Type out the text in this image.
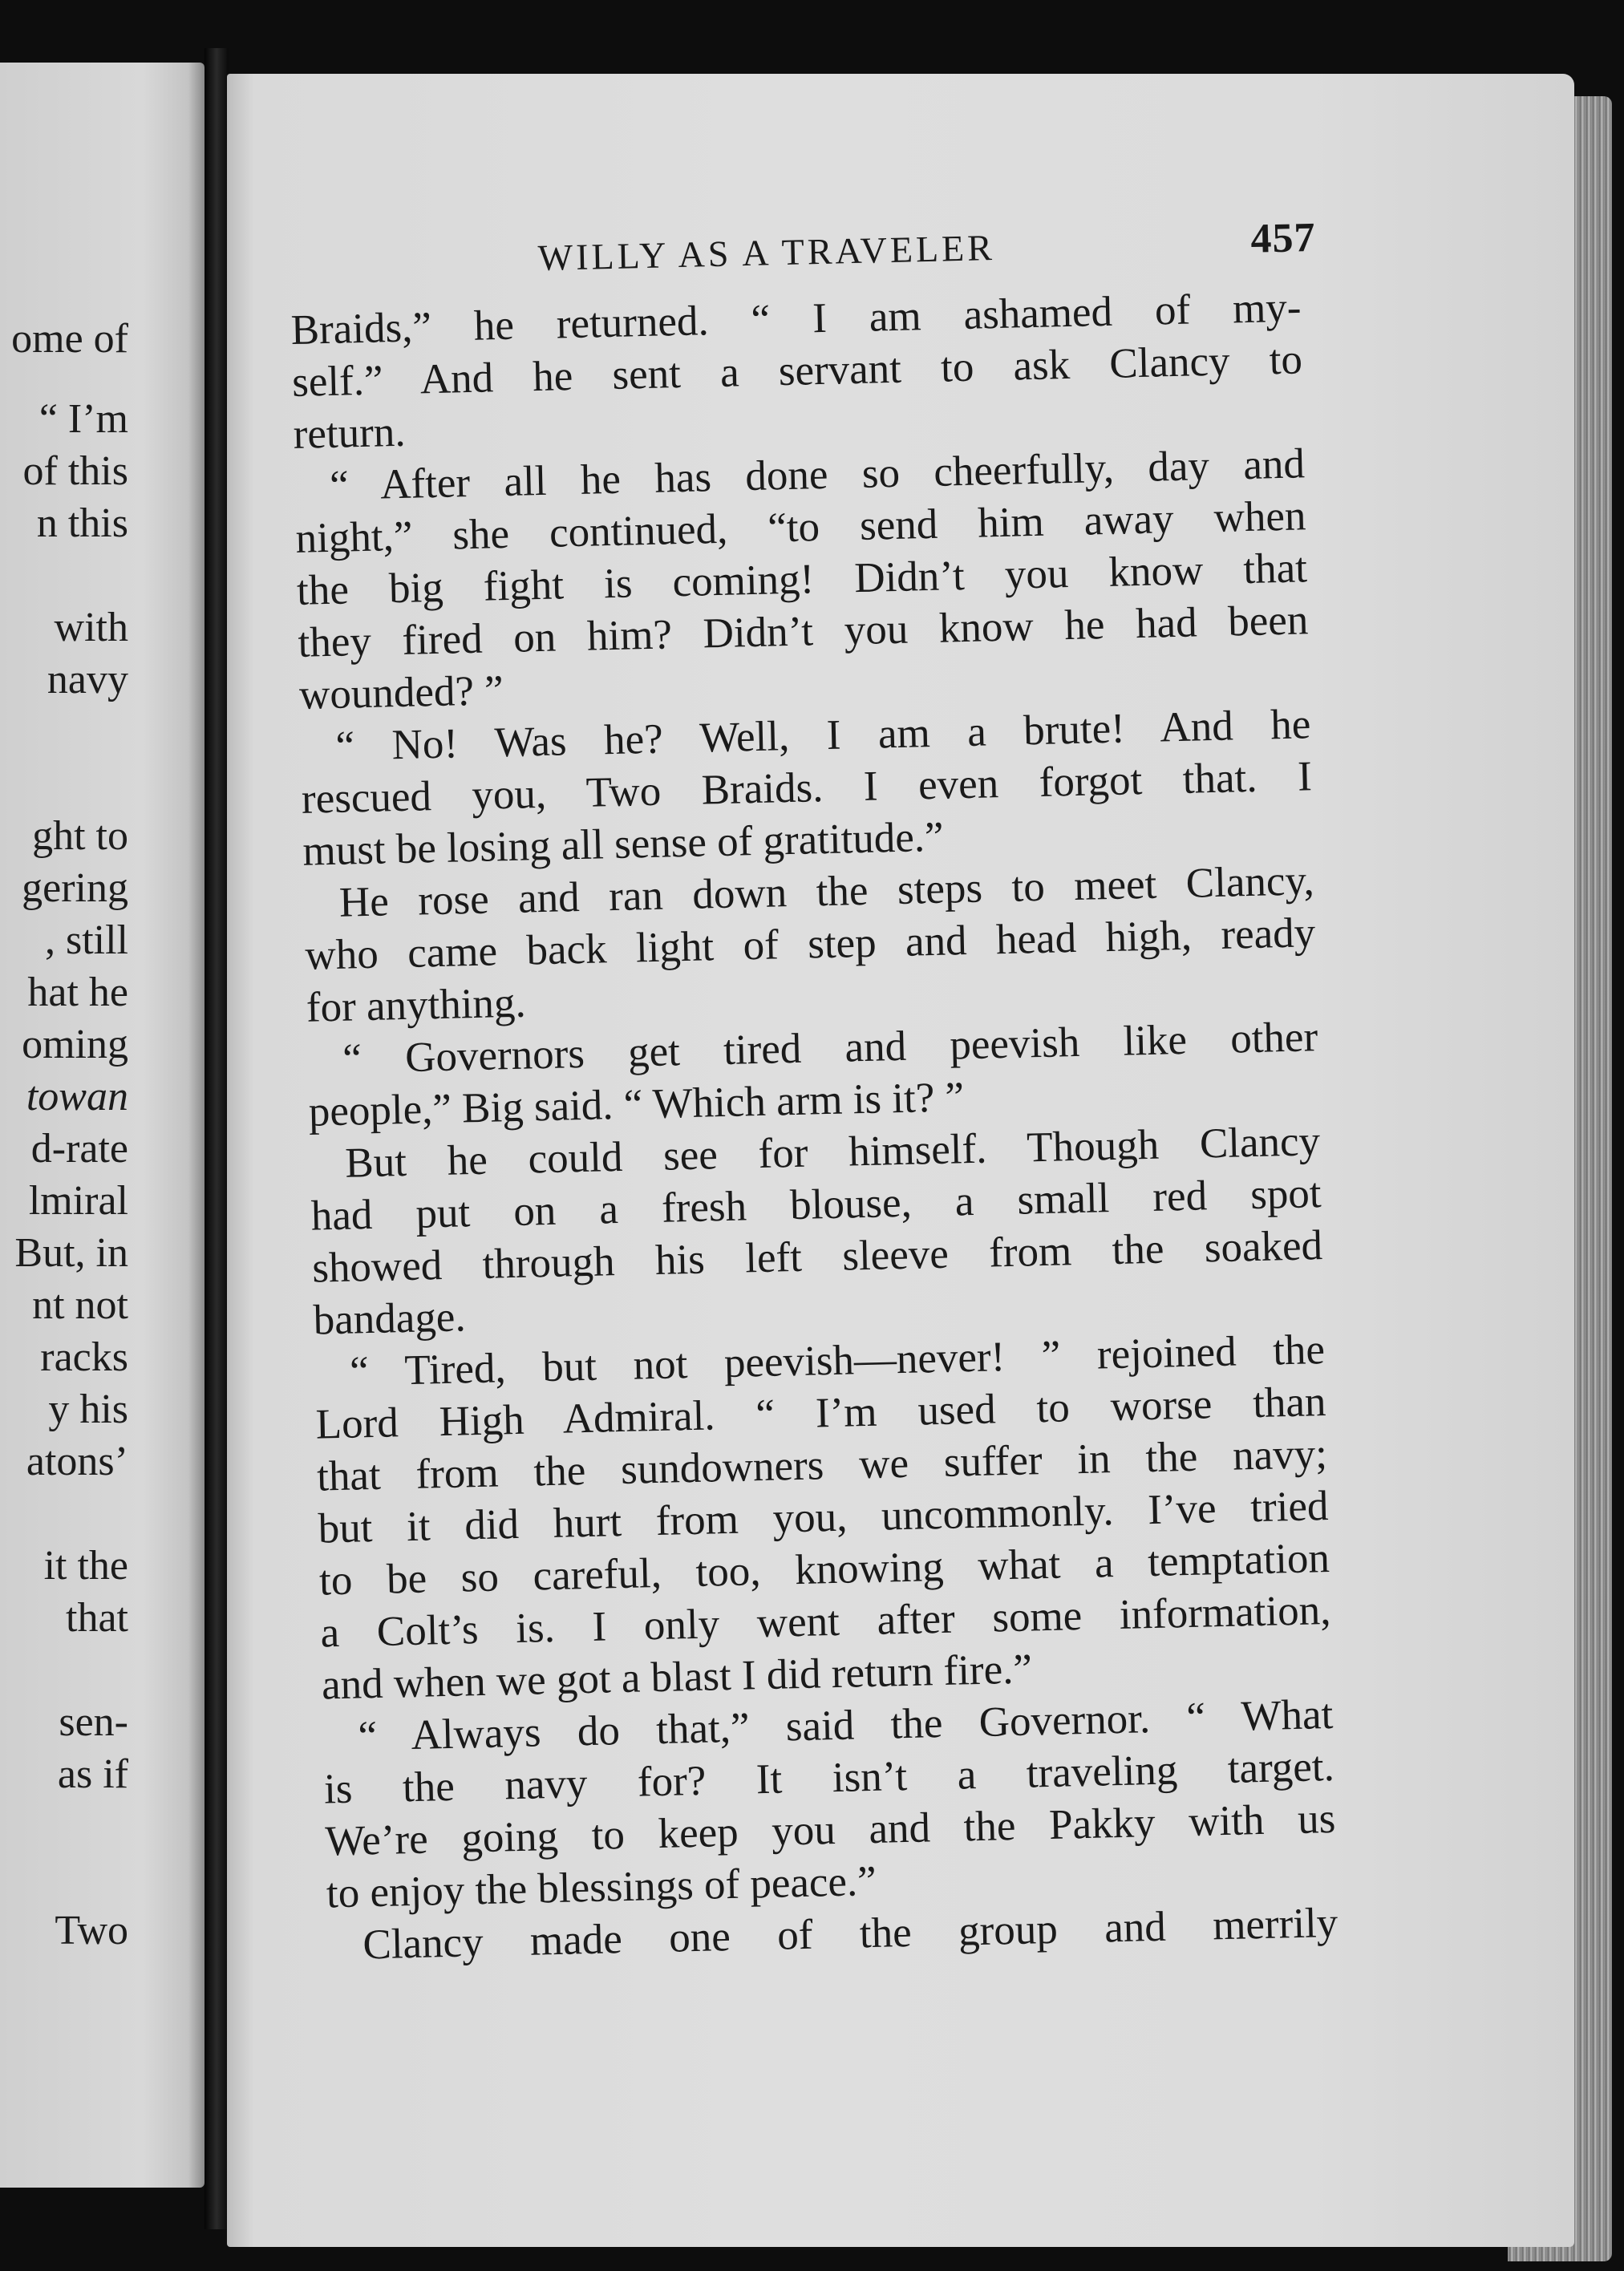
ome of
“ I’m
of this
n this
with
navy
ght to
gering
, still
hat he
oming
towan
d-rate
lmiral
But, in
nt not
racks
y his
atons’
it the
that
sen-
as if
Two
WILLY AS A TRAVELER	457
Braids,” he returned. “ I am ashamed of my-
self.” And he sent a servant to ask Clancy to
return.
“ After all he has done so cheerfully, day and
night,” she continued, “to send him away when
the big fight is coming! Didn’t you know that
they fired on him? Didn’t you know he had been
wounded? ”
“ No! Was he? Well, I am a brute! And he
rescued you, Two Braids. I even forgot that. I
must be losing all sense of gratitude.”
He rose and ran down the steps to meet Clancy,
who came back light of step and head high, ready
for anything.
“ Governors get tired and peevish like other
people,” Big said. “ Which arm is it? ”
But he could see for himself. Though Clancy
had put on a fresh blouse, a small red spot
showed through his left sleeve from the soaked
bandage.
“ Tired, but not peevish—never! ” rejoined the
Lord High Admiral. “ I’m used to worse than
that from the sundowners we suffer in the navy;
but it did hurt from you, uncommonly. I’ve tried
to be so careful, too, knowing what a temptation
a Colt’s is. I only went after some information,
and when we got a blast I did return fire.”
“ Always do that,” said the Governor. “ What
is the navy for? It isn’t a traveling target.
We’re going to keep you and the Pakky with us
to enjoy the blessings of peace.”
Clancy made one of the group and merrily
